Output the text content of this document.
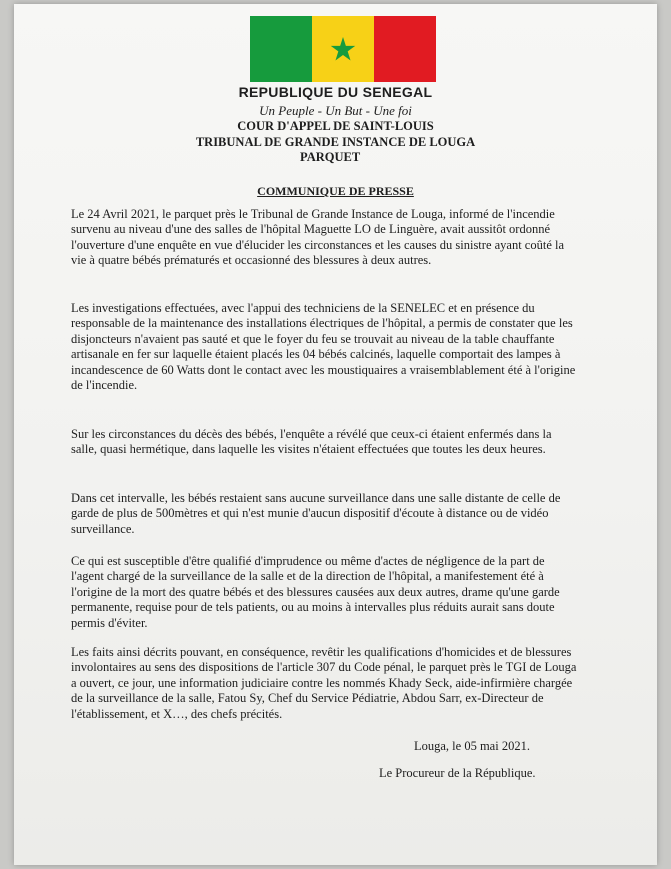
REPUBLIQUE DU SENEGAL
Un Peuple - Un But - Une foi
COUR D'APPEL DE SAINT-LOUIS
TRIBUNAL DE GRANDE INSTANCE DE LOUGA
PARQUET
COMMUNIQUE DE PRESSE

Le 24 Avril 2021, le parquet près le Tribunal de Grande Instance de Louga, informé de l'incendie survenu au niveau d'une des salles de l'hôpital Maguette LO de Linguère, avait aussitôt ordonné l'ouverture d'une enquête en vue d'élucider les circonstances et les causes du sinistre ayant coûté la vie à quatre bébés prématurés et occasionné des blessures à deux autres.

Les investigations effectuées, avec l'appui des techniciens de la SENELEC et en présence du responsable de la maintenance des installations électriques de l'hôpital, a permis de constater que les disjoncteurs n'avaient pas sauté et que le foyer du feu se trouvait au niveau de la table chauffante artisanale en fer sur laquelle étaient placés les 04 bébés calcinés, laquelle comportait des lampes à incandescence de 60 Watts dont le contact avec les moustiquaires a vraisemblablement été à l'origine de l'incendie.

Sur les circonstances du décès des bébés, l'enquête a révélé que ceux-ci étaient enfermés dans la salle, quasi hermétique, dans laquelle les visites n'étaient effectuées que toutes les deux heures.

Dans cet intervalle, les bébés restaient sans aucune surveillance dans une salle distante de celle de garde de plus de 500mètres et qui n'est munie d'aucun dispositif d'écoute à distance ou de vidéo surveillance.

Ce qui est susceptible d'être qualifié d'imprudence ou même d'actes de négligence de la part de l'agent chargé de la surveillance de la salle et de la direction de l'hôpital, a manifestement été à l'origine de la mort des quatre bébés et des blessures causées aux deux autres, drame qu'une garde permanente, requise pour de tels patients, ou au moins à intervalles plus réduits aurait sans doute permis d'éviter.

Les faits ainsi décrits pouvant, en conséquence, revêtir les qualifications d'homicides et de blessures involontaires au sens des dispositions de l'article 307 du Code pénal, le parquet près le TGI de Louga a ouvert, ce jour, une information judiciaire contre les nommés Khady Seck, aide-infirmière chargée de la surveillance de la salle, Fatou Sy, Chef du Service Pédiatrie, Abdou Sarr, ex-Directeur de l'établissement, et X…, des chefs précités.

Louga, le 05 mai 2021.
Le Procureur de la République.
